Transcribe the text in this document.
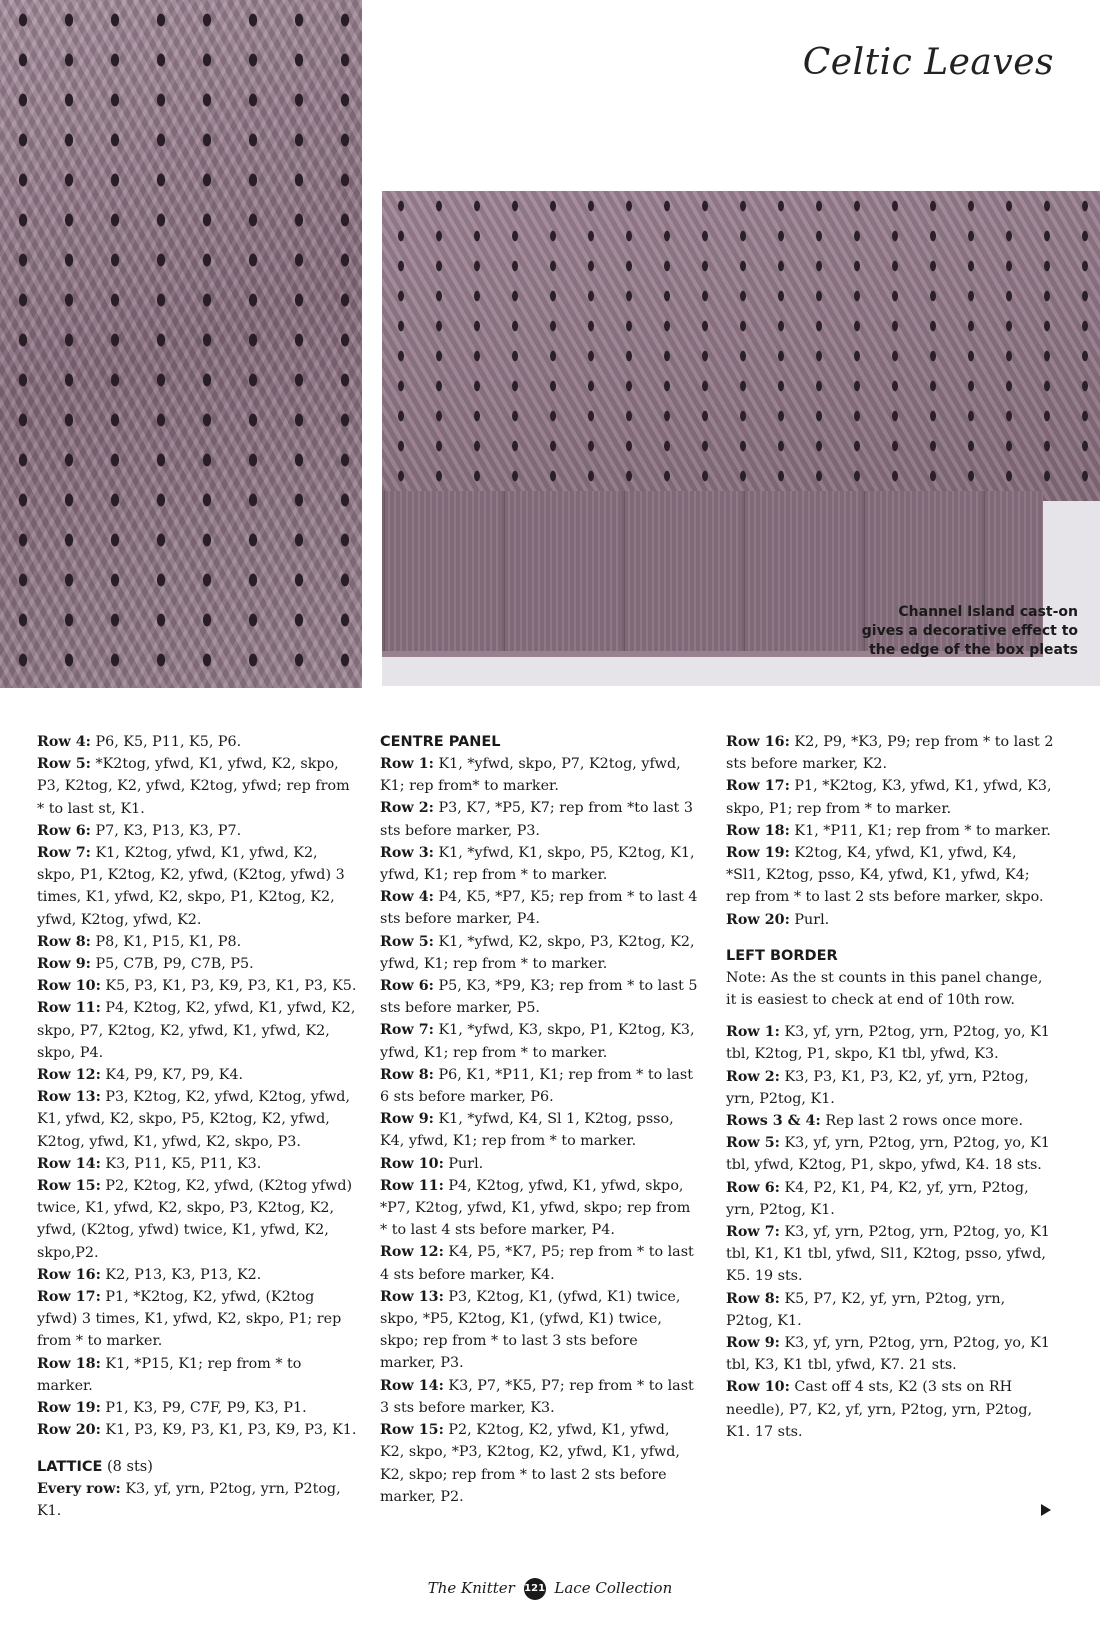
Celtic Leaves

Channel Island cast-on gives a decorative effect to the edge of the box pleats

Row 4: P6, K5, P11, K5, P6.

Row 5: *K2tog, yfwd, K1, yfwd, K2, skpo, P3, K2tog, K2, yfwd, K2tog, yfwd; rep from * to last st, K1.

Row 6: P7, K3, P13, K3, P7.

Row 7: K1, K2tog, yfwd, K1, yfwd, K2, skpo, P1, K2tog, K2, yfwd, (K2tog, yfwd) 3 times, K1, yfwd, K2, skpo, P1, K2tog, K2, yfwd, K2tog, yfwd, K2.

Row 8: P8, K1, P15, K1, P8.

Row 9: P5, C7B, P9, C7B, P5.

Row 10: K5, P3, K1, P3, K9, P3, K1, P3, K5.

Row 11: P4, K2tog, K2, yfwd, K1, yfwd, K2, skpo, P7, K2tog, K2, yfwd, K1, yfwd, K2, skpo, P4.

Row 12: K4, P9, K7, P9, K4.

Row 13: P3, K2tog, K2, yfwd, K2tog, yfwd, K1, yfwd, K2, skpo, P5, K2tog, K2, yfwd, K2tog, yfwd, K1, yfwd, K2, skpo, P3.

Row 14: K3, P11, K5, P11, K3.

Row 15: P2, K2tog, K2, yfwd, (K2tog yfwd) twice, K1, yfwd, K2, skpo, P3, K2tog, K2, yfwd, (K2tog, yfwd) twice, K1, yfwd, K2, skpo,P2.

Row 16: K2, P13, K3, P13, K2.

Row 17: P1, *K2tog, K2, yfwd, (K2tog yfwd) 3 times, K1, yfwd, K2, skpo, P1; rep from * to marker.

Row 18: K1, *P15, K1; rep from * to marker.

Row 19: P1, K3, P9, C7F, P9, K3, P1.

Row 20: K1, P3, K9, P3, K1, P3, K9, P3, K1.

LATTICE (8 sts)

Every row: K3, yf, yrn, P2tog, yrn, P2tog, K1.

CENTRE PANEL

Row 1: K1, *yfwd, skpo, P7, K2tog, yfwd, K1; rep from* to marker.

Row 2: P3, K7, *P5, K7; rep from *to last 3 sts before marker, P3.

Row 3: K1, *yfwd, K1, skpo, P5, K2tog, K1, yfwd, K1; rep from * to marker.

Row 4: P4, K5, *P7, K5; rep from * to last 4 sts before marker, P4.

Row 5: K1, *yfwd, K2, skpo, P3, K2tog, K2, yfwd, K1; rep from * to marker.

Row 6: P5, K3, *P9, K3; rep from * to last 5 sts before marker, P5.

Row 7: K1, *yfwd, K3, skpo, P1, K2tog, K3, yfwd, K1; rep from * to marker.

Row 8: P6, K1, *P11, K1; rep from * to last 6 sts before marker, P6.

Row 9: K1, *yfwd, K4, Sl 1, K2tog, psso, K4, yfwd, K1; rep from * to marker.

Row 10: Purl.

Row 11: P4, K2tog, yfwd, K1, yfwd, skpo, *P7, K2tog, yfwd, K1, yfwd, skpo; rep from * to last 4 sts before marker, P4.

Row 12: K4, P5, *K7, P5; rep from * to last 4 sts before marker, K4.

Row 13: P3, K2tog, K1, (yfwd, K1) twice, skpo, *P5, K2tog, K1, (yfwd, K1) twice, skpo; rep from * to last 3 sts before marker, P3.

Row 14: K3, P7, *K5, P7; rep from * to last 3 sts before marker, K3.

Row 15: P2, K2tog, K2, yfwd, K1, yfwd, K2, skpo, *P3, K2tog, K2, yfwd, K1, yfwd, K2, skpo; rep from * to last 2 sts before marker, P2.

Row 16: K2, P9, *K3, P9; rep from * to last 2 sts before marker, K2.

Row 17: P1, *K2tog, K3, yfwd, K1, yfwd, K3, skpo, P1; rep from * to marker.

Row 18: K1, *P11, K1; rep from * to marker.

Row 19: K2tog, K4, yfwd, K1, yfwd, K4, *Sl1, K2tog, psso, K4, yfwd, K1, yfwd, K4; rep from * to last 2 sts before marker, skpo.

Row 20: Purl.

LEFT BORDER

Note: As the st counts in this panel change, it is easiest to check at end of 10th row.

Row 1: K3, yf, yrn, P2tog, yrn, P2tog, yo, K1 tbl, K2tog, P1, skpo, K1 tbl, yfwd, K3.

Row 2: K3, P3, K1, P3, K2, yf, yrn, P2tog, yrn, P2tog, K1.

Rows 3 & 4: Rep last 2 rows once more.

Row 5: K3, yf, yrn, P2tog, yrn, P2tog, yo, K1 tbl, yfwd, K2tog, P1, skpo, yfwd, K4. 18 sts.

Row 6: K4, P2, K1, P4, K2, yf, yrn, P2tog, yrn, P2tog, K1.

Row 7: K3, yf, yrn, P2tog, yrn, P2tog, yo, K1 tbl, K1, K1 tbl, yfwd, Sl1, K2tog, psso, yfwd, K5. 19 sts.

Row 8: K5, P7, K2, yf, yrn, P2tog, yrn, P2tog, K1.

Row 9: K3, yf, yrn, P2tog, yrn, P2tog, yo, K1 tbl, K3, K1 tbl, yfwd, K7. 21 sts.

Row 10: Cast off 4 sts, K2 (3 sts on RH needle), P7, K2, yf, yrn, P2tog, yrn, P2tog, K1. 17 sts.

The Knitter 121 Lace Collection
